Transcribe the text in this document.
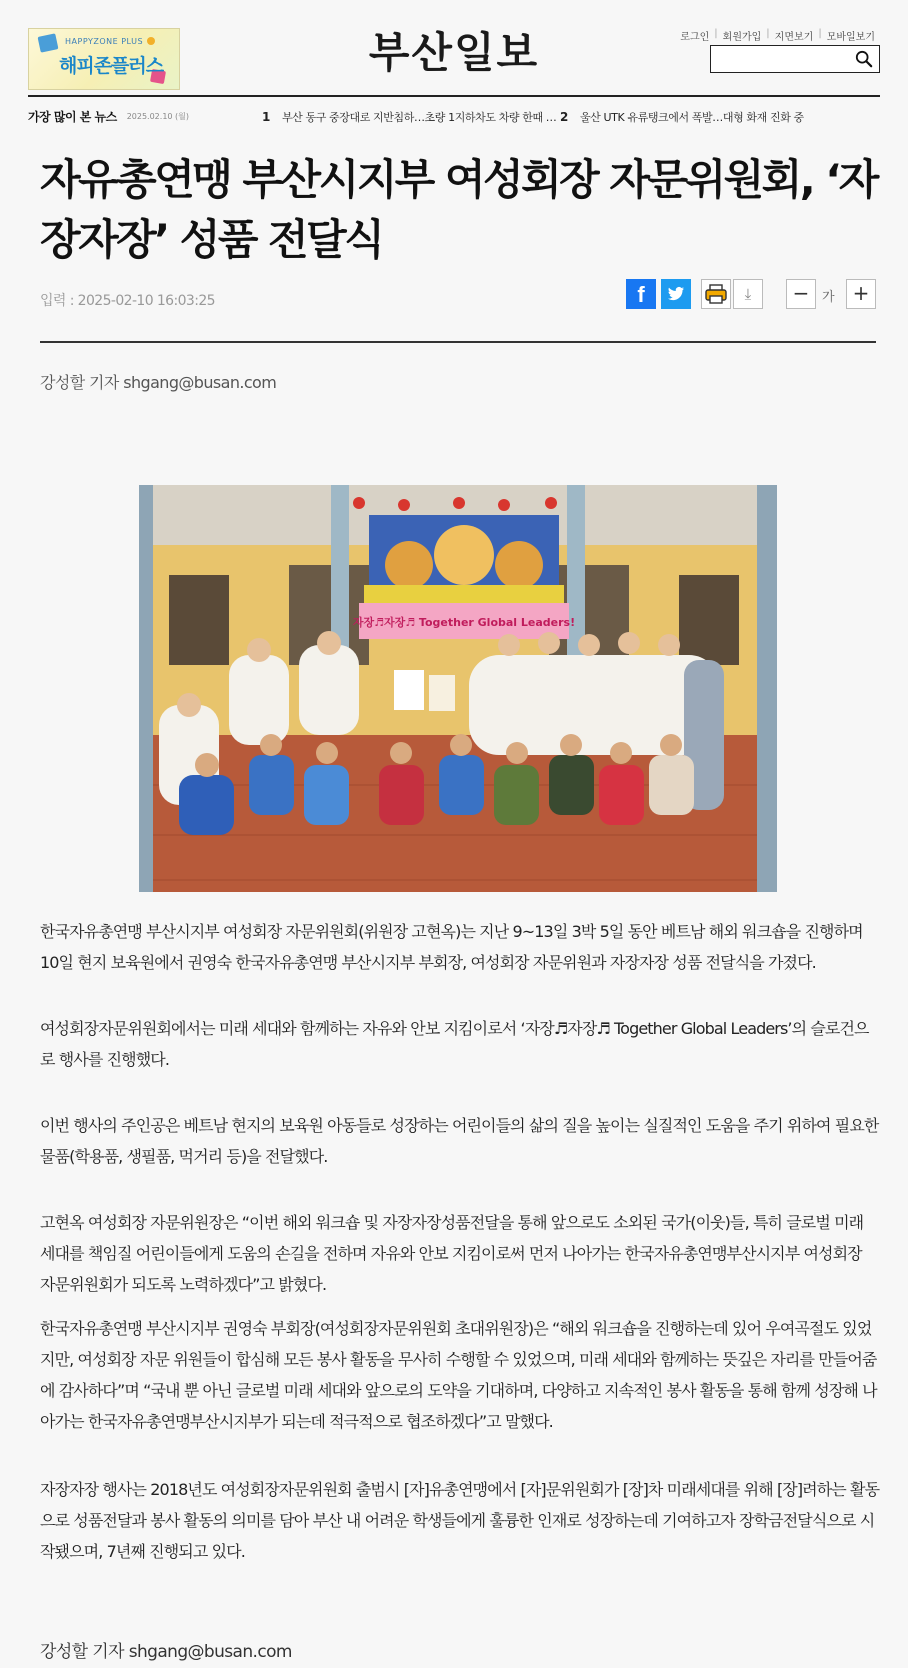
HAPPYZONE PLUS
해피존플러스	부산일보	로그인 | 회원가입 | 지면보기 | 모바일보기
가장 많이 본 뉴스 2025.02.10 (월)	1 부산 동구 중장대로 지반침하…초량 1지하차도 차량 한때 … 2 울산 UTK 유류탱크에서 폭발…대형 화재 진화 중
자유총연맹 부산시지부 여성회장 자문위원회, ‘자장자장’ 성품 전달식
입력 : 2025-02-10 16:03:25	f	⤓	− 가 +
강성할 기자 shgang@busan.com
자장♬자장♬ Together Global Leaders!
한국자유총연맹 부산시지부 여성회장 자문위원회(위원장 고현옥)는 지난 9~13일 3박 5일 동안 베트남 해외 워크숍을 진행하며 10일 현지 보육원에서 권영숙 한국자유총연맹 부산시지부 부회장, 여성회장 자문위원과 자장자장 성품 전달식을 가졌다.
여성회장자문위원회에서는 미래 세대와 함께하는 자유와 안보 지킴이로서 ‘자장♬자장♬ Together Global Leaders’의 슬로건으로 행사를 진행했다.
이번 행사의 주인공은 베트남 현지의 보육원 아동들로 성장하는 어린이들의 삶의 질을 높이는 실질적인 도움을 주기 위하여 필요한 물품(학용품, 생필품, 먹거리 등)을 전달했다.
고현옥 여성회장 자문위원장은 “이번 해외 워크숍 및 자장자장성품전달을 통해 앞으로도 소외된 국가(이웃)들, 특히 글로벌 미래 세대를 책임질 어린이들에게 도움의 손길을 전하며 자유와 안보 지킴이로써 먼저 나아가는 한국자유총연맹부산시지부 여성회장 자문위원회가 되도록 노력하겠다”고 밝혔다.
한국자유총연맹 부산시지부 권영숙 부회장(여성회장자문위원회 초대위원장)은 “해외 워크숍을 진행하는데 있어 우여곡절도 있었지만, 여성회장 자문 위원들이 합심해 모든 봉사 활동을 무사히 수행할 수 있었으며, 미래 세대와 함께하는 뜻깊은 자리를 만들어줌에 감사하다”며 “국내 뿐 아닌 글로벌 미래 세대와 앞으로의 도약을 기대하며, 다양하고 지속적인 봉사 활동을 통해 함께 성장해 나아가는 한국자유총연맹부산시지부가 되는데 적극적으로 협조하겠다”고 말했다.
자장자장 행사는 2018년도 여성회장자문위원회 출범시 [자]유총연맹에서 [자]문위원회가 [장]차 미래세대를 위해 [장]려하는 활동으로 성품전달과 봉사 활동의 의미를 담아 부산 내 어려운 학생들에게 훌륭한 인재로 성장하는데 기여하고자 장학금전달식으로 시작됐으며, 7년째 진행되고 있다.
강성할 기자 shgang@busan.com
